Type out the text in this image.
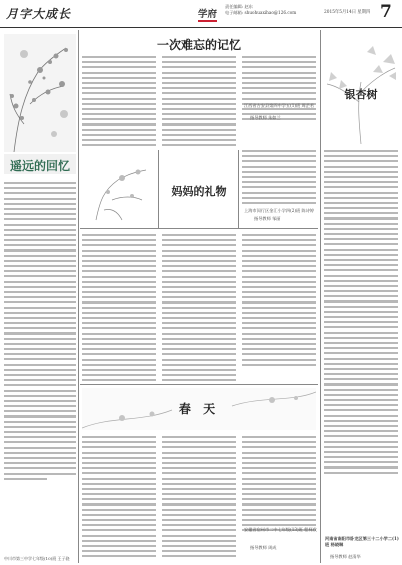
月字大成长	学府
责任编辑: 赵东
电子邮箱: shuohuaxihao@126.com	2015年5月14日 星期四 7
遥远的回忆
中川市第三中学七年级(10)班 王子骁
一次难忘的记忆
江西省吉安县第四中学五(1)班 周芷若
指导教师 朱如兰
妈妈的礼物
上海市闵行区金汇小学四(2)班 陈诗婷
指导教师 邹丽
春 天
安徽省宿州市二中七年级(13)班 程柯欣
指导教师 周成
银杏树
河南省南阳市卧龙区第三十二小学二(1)班 杨晓琳
指导教师 赵清华
